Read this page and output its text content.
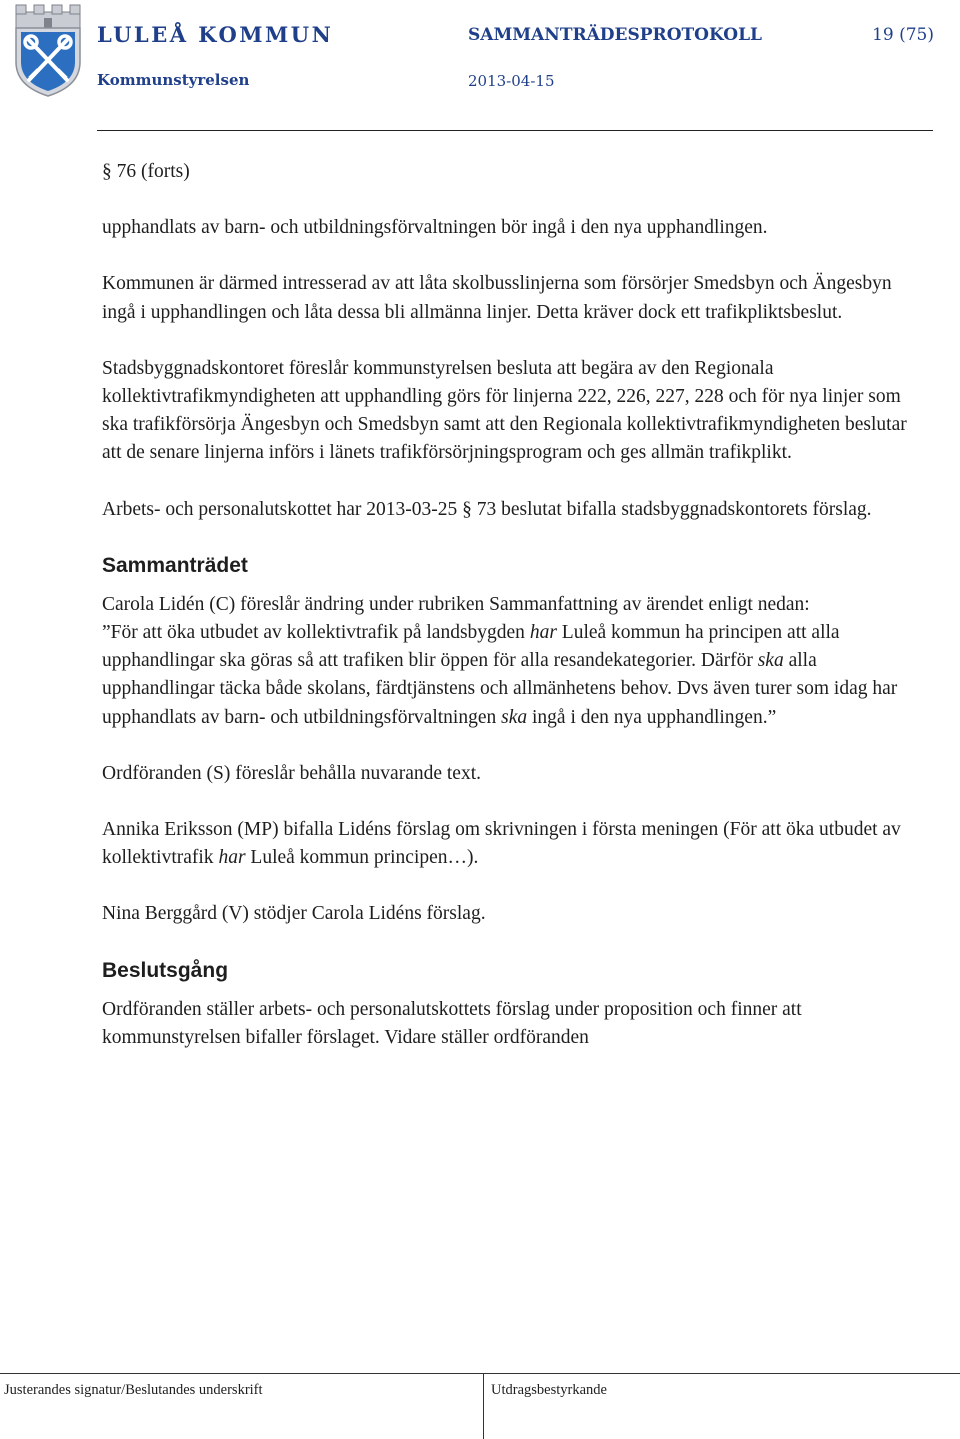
LULEÅ KOMMUN
Kommunstyrelsen
SAMMANTRÄDESPROTOKOLL
2013-04-15
19 (75)

§ 76 (forts)

upphandlats av barn- och utbildningsförvaltningen bör ingå i den nya upphandlingen.

Kommunen är därmed intresserad av att låta skolbusslinjerna som försörjer Smedsbyn och Ängesbyn ingå i upphandlingen och låta dessa bli allmänna linjer. Detta kräver dock ett trafikpliktsbeslut.

Stadsbyggnadskontoret föreslår kommunstyrelsen besluta att begära av den Regionala kollektivtrafikmyndigheten att upphandling görs för linjerna 222, 226, 227, 228 och för nya linjer som ska trafikförsörja Ängesbyn och Smedsbyn samt att den Regionala kollektivtrafikmyndigheten beslutar att de senare linjerna införs i länets trafikförsörjningsprogram och ges allmän trafikplikt.

Arbets- och personalutskottet har 2013-03-25 § 73 beslutat bifalla stadsbyggnadskontorets förslag.

Sammanträdet

Carola Lidén (C) föreslår ändring under rubriken Sammanfattning av ärendet enligt nedan:

”För att öka utbudet av kollektivtrafik på landsbygden har Luleå kommun ha principen att alla upphandlingar ska göras så att trafiken blir öppen för alla resandekategorier. Därför ska alla upphandlingar täcka både skolans, färdtjänstens och allmänhetens behov. Dvs även turer som idag har upphandlats av barn- och utbildningsförvaltningen ska ingå i den nya upphandlingen.”

Ordföranden (S) föreslår behålla nuvarande text.

Annika Eriksson (MP) bifalla Lidéns förslag om skrivningen i första meningen (För att öka utbudet av kollektivtrafik har Luleå kommun principen…).

Nina Berggård (V) stödjer Carola Lidéns förslag.

Beslutsgång

Ordföranden ställer arbets- och personalutskottets förslag under proposition och finner att kommunstyrelsen bifaller förslaget. Vidare ställer ordföranden

Justerandes signatur/Beslutandes underskrift	Utdragsbestyrkande
